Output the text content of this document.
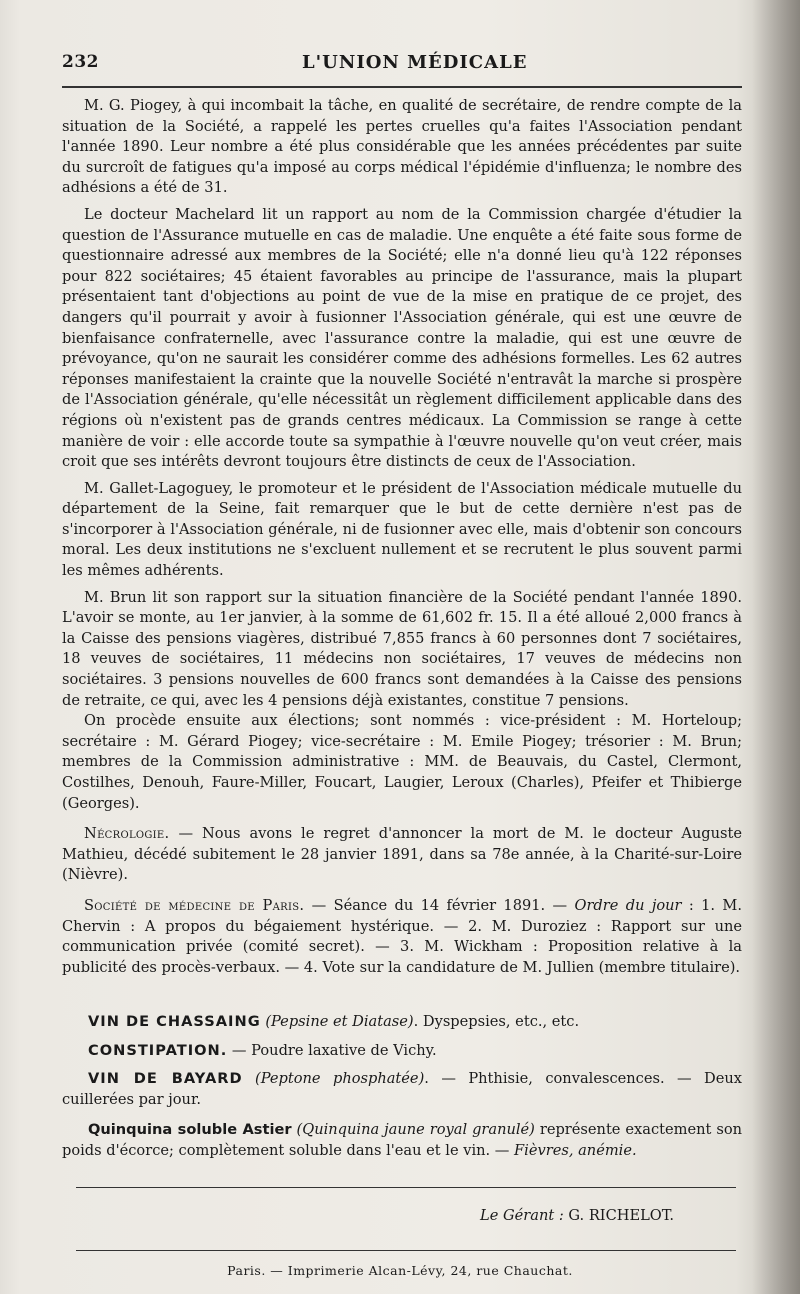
232	L'UNION MÉDICALE

M. G. Piogey, à qui incombait la tâche, en qualité de secrétaire, de rendre compte de la situation de la Société, a rappelé les pertes cruelles qu'a faites l'Association pendant l'année 1890. Leur nombre a été plus considérable que les années précédentes par suite du surcroît de fatigues qu'a imposé au corps médical l'épidémie d'influenza; le nombre des adhésions a été de 31.

Le docteur Machelard lit un rapport au nom de la Commission chargée d'étudier la question de l'Assurance mutuelle en cas de maladie. Une enquête a été faite sous forme de questionnaire adressé aux membres de la Société; elle n'a donné lieu qu'à 122 réponses pour 822 sociétaires; 45 étaient favorables au principe de l'assurance, mais la plupart présentaient tant d'objections au point de vue de la mise en pratique de ce projet, des dangers qu'il pourrait y avoir à fusionner l'Association générale, qui est une œuvre de bienfaisance confraternelle, avec l'assurance contre la maladie, qui est une œuvre de prévoyance, qu'on ne saurait les considérer comme des adhésions formelles. Les 62 autres réponses manifestaient la crainte que la nouvelle Société n'entravât la marche si prospère de l'Association générale, qu'elle nécessitât un règlement difficilement applicable dans des régions où n'existent pas de grands centres médicaux. La Commission se range à cette manière de voir : elle accorde toute sa sympathie à l'œuvre nouvelle qu'on veut créer, mais croit que ses intérêts devront toujours être distincts de ceux de l'Association.

M. Gallet-Lagoguey, le promoteur et le président de l'Association médicale mutuelle du département de la Seine, fait remarquer que le but de cette dernière n'est pas de s'incorporer à l'Association générale, ni de fusionner avec elle, mais d'obtenir son concours moral. Les deux institutions ne s'excluent nullement et se recrutent le plus souvent parmi les mêmes adhérents.

M. Brun lit son rapport sur la situation financière de la Société pendant l'année 1890. L'avoir se monte, au 1er janvier, à la somme de 61,602 fr. 15. Il a été alloué 2,000 francs à la Caisse des pensions viagères, distribué 7,855 francs à 60 personnes dont 7 sociétaires, 18 veuves de sociétaires, 11 médecins non sociétaires, 17 veuves de médecins non sociétaires. 3 pensions nouvelles de 600 francs sont demandées à la Caisse des pensions de retraite, ce qui, avec les 4 pensions déjà existantes, constitue 7 pensions.

On procède ensuite aux élections; sont nommés : vice-président : M. Horteloup; secrétaire : M. Gérard Piogey; vice-secrétaire : M. Emile Piogey; trésorier : M. Brun; membres de la Commission administrative : MM. de Beauvais, du Castel, Clermont, Costilhes, Denouh, Faure-Miller, Foucart, Laugier, Leroux (Charles), Pfeifer et Thibierge (Georges).

Nécrologie. — Nous avons le regret d'annoncer la mort de M. le docteur Auguste Mathieu, décédé subitement le 28 janvier 1891, dans sa 78e année, à la Charité-sur-Loire (Nièvre).

Société de médecine de Paris. — Séance du 14 février 1891. — Ordre du jour : 1. M. Chervin : A propos du bégaiement hystérique. — 2. M. Duroziez : Rapport sur une communication privée (comité secret). — 3. M. Wickham : Proposition relative à la publicité des procès-verbaux. — 4. Vote sur la candidature de M. Jullien (membre titulaire).

VIN DE CHASSAING (Pepsine et Diatase). Dyspepsies, etc., etc.

CONSTIPATION. — Poudre laxative de Vichy.

VIN DE BAYARD (Peptone phosphatée). — Phthisie, convalescences. — Deux cuillerées par jour.

Quinquina soluble Astier (Quinquina jaune royal granulé) représente exactement son poids d'écorce; complètement soluble dans l'eau et le vin. — Fièvres, anémie.

Le Gérant : G. RICHELOT.
Paris. — Imprimerie Alcan-Lévy, 24, rue Chauchat.
